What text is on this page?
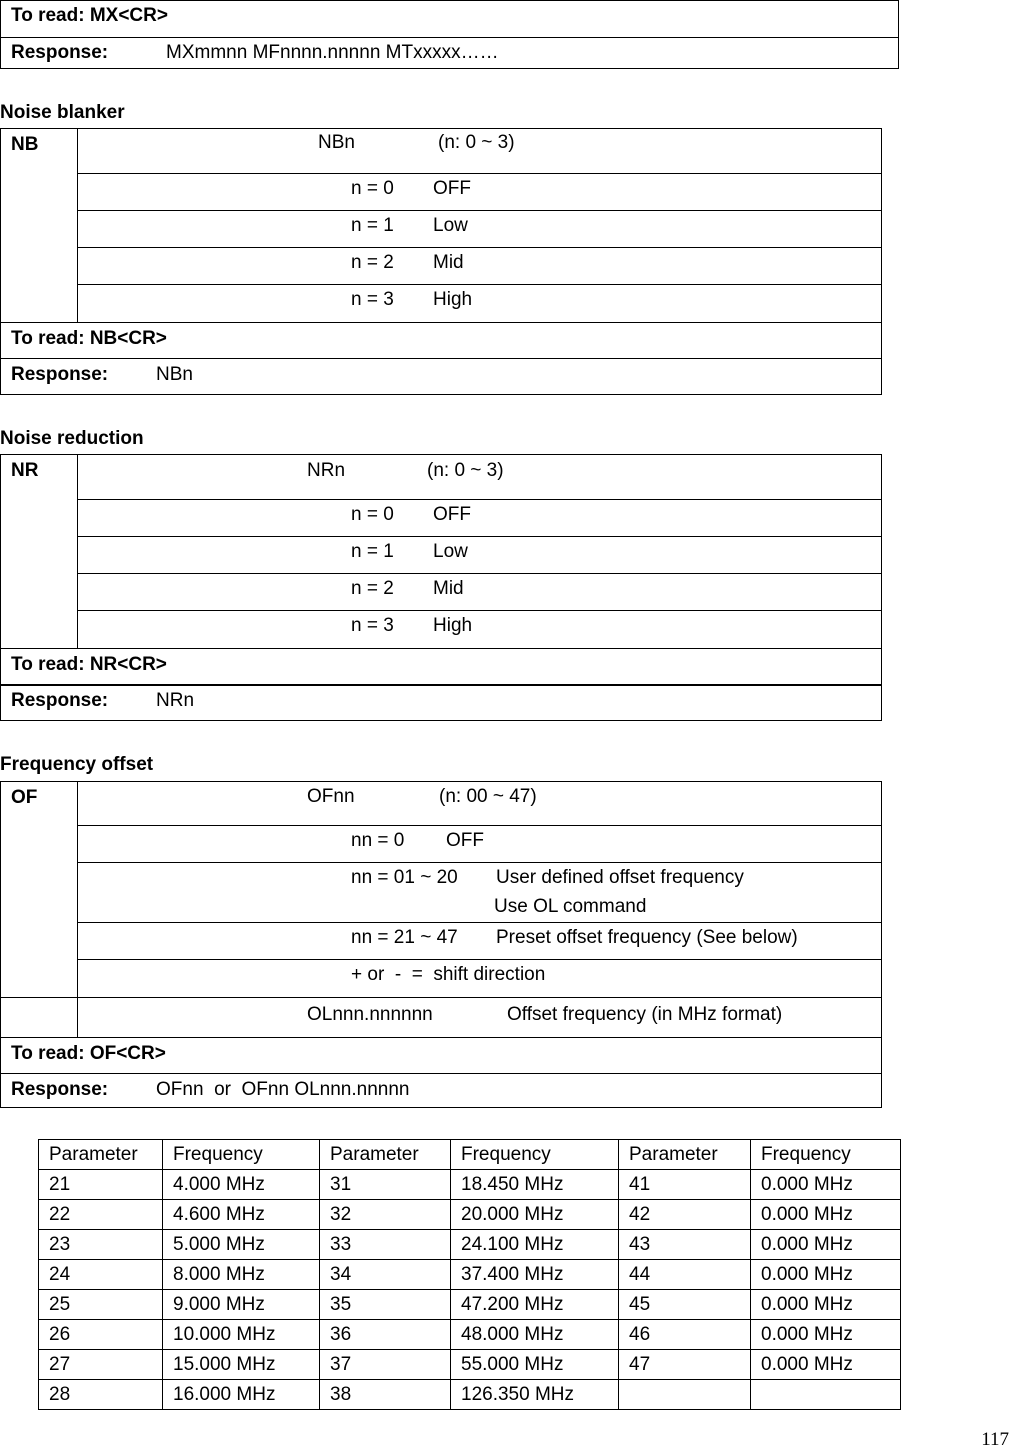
To read: MX<CR>
Response:	MXmmnn MFnnnn.nnnnn MTxxxxx……
Noise blanker
NB	NBn	(n: 0 ~ 3)
n = 0 OFF
n = 1 Low
n = 2 Mid
n = 3 High
To read: NB<CR>
Response:	NBn
Noise reduction
NR	NRn	(n: 0 ~ 3)
n = 0 OFF
n = 1 Low
n = 2 Mid
n = 3 High
To read: NR<CR>
Response:	NRn
Frequency offset
OF	OFnn	(n: 00 ~ 47)
nn = 0 OFF
nn = 01 ~ 20 User defined offset frequency
Use OL command
nn = 21 ~ 47 Preset offset frequency (See below)
+ or  -  =  shift direction
OLnnn.nnnnnn	Offset frequency (in MHz format)
To read: OF<CR>
Response:	OFnn  or  OFnn OLnnn.nnnnn
Parameter	Frequency	Parameter	Frequency	Parameter	Frequency
21	4.000 MHz	31	18.450 MHz	41	0.000 MHz
22	4.600 MHz	32	20.000 MHz	42	0.000 MHz
23	5.000 MHz	33	24.100 MHz	43	0.000 MHz
24	8.000 MHz	34	37.400 MHz	44	0.000 MHz
25	9.000 MHz	35	47.200 MHz	45	0.000 MHz
26	10.000 MHz	36	48.000 MHz	46	0.000 MHz
27	15.000 MHz	37	55.000 MHz	47	0.000 MHz
28	16.000 MHz	38	126.350 MHz		
117
